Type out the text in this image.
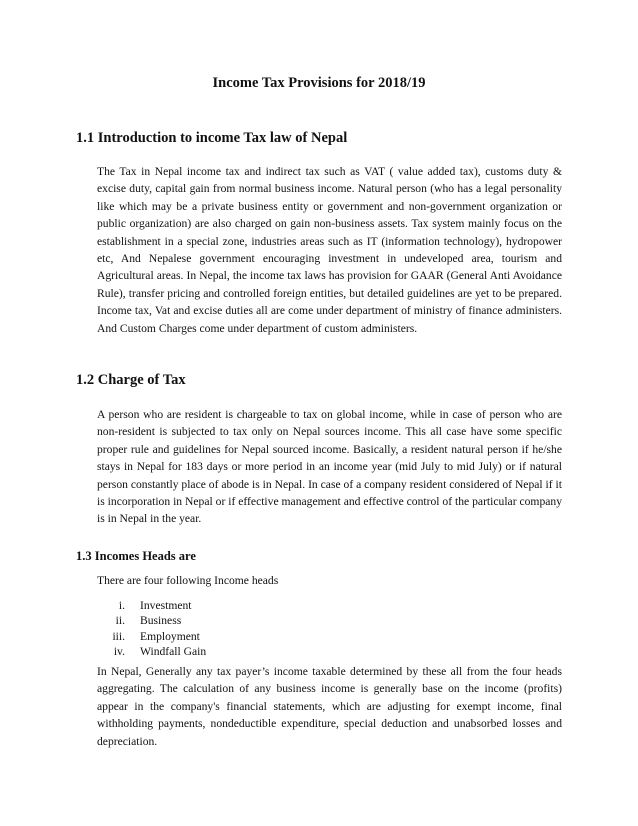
Income Tax Provisions for 2018/19
1.1 Introduction to income Tax law of Nepal

The Tax in Nepal income tax and indirect tax such as VAT ( value added tax), customs duty & excise duty, capital gain from normal business income. Natural person (who has a legal personality like which may be a private business entity or government and non-government organization or public organization) are also charged on gain non-business assets. Tax system mainly focus on the establishment in a special zone, industries areas such as IT (information technology), hydropower etc, And Nepalese government encouraging investment in undeveloped area, tourism and Agricultural areas. In Nepal, the income tax laws has provision for GAAR (General Anti Avoidance Rule), transfer pricing and controlled foreign entities, but detailed guidelines are yet to be prepared. Income tax, Vat and excise duties all are come under department of ministry of finance administers. And Custom Charges come under department of custom administers.

1.2 Charge of Tax

A person who are resident is chargeable to tax on global income, while in case of person who are non-resident is subjected to tax only on Nepal sources income. This all case have some specific proper rule and guidelines for Nepal sourced income. Basically, a resident natural person if he/she stays in Nepal for 183 days or more period in an income year (mid July to mid July) or if natural person constantly place of abode is in Nepal. In case of a company resident considered of Nepal if it is incorporation in Nepal or if effective management and effective control of the particular company is in Nepal in the year.

1.3 Incomes Heads are

There are four following Income heads

i.	Investment
ii.	Business
iii.	Employment
iv.	Windfall Gain

In Nepal, Generally any tax payer’s income taxable determined by these all from the four heads aggregating. The calculation of any business income is generally base on the income (profits) appear in the company's financial statements, which are adjusting for exempt income, final withholding payments, nondeductible expenditure, special deduction and unabsorbed losses and depreciation.
